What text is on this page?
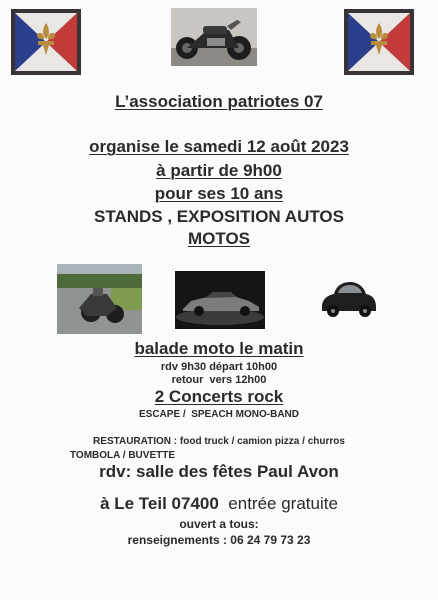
L’association patriotes 07
organise le samedi 12 août 2023
à partir de 9h00
pour ses 10 ans
STANDS , EXPOSITION AUTOS
MOTOS
balade moto le matin
rdv 9h30 départ 10h00
retour  vers 12h00
2 Concerts rock
ESCAPE /  SPEACH MONO-BAND
RESTAURATION : food truck / camion pizza / churros
TOMBOLA / BUVETTE
rdv: salle des fêtes Paul Avon
à Le Teil 07400 entrée gratuite
ouvert a tous:
renseignements : 06 24 79 73 23
